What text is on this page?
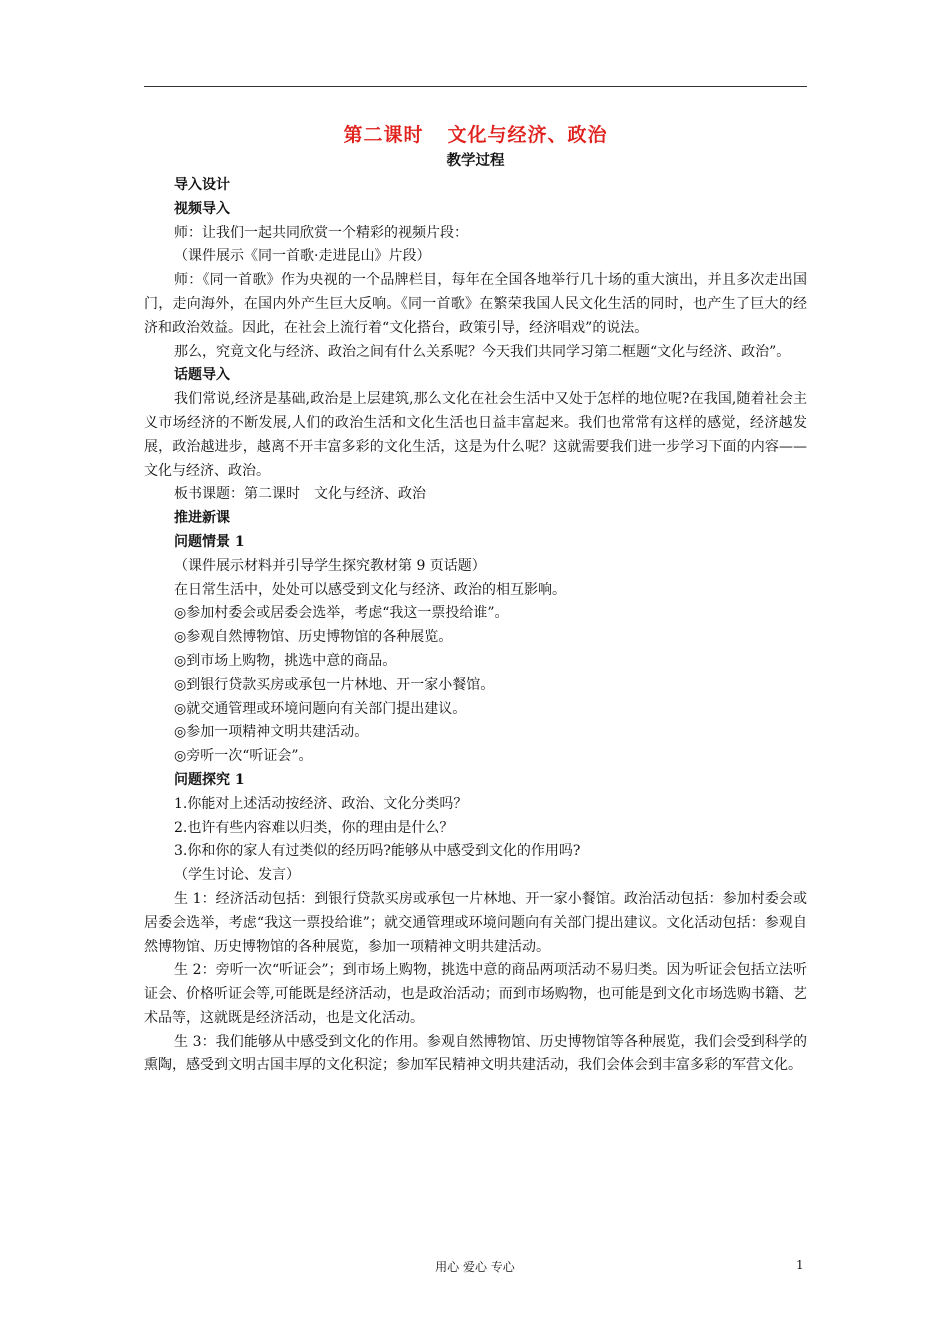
第二课时 文化与经济、政治
教学过程
导入设计
视频导入
师：让我们一起共同欣赏一个精彩的视频片段：
（课件展示《同一首歌·走进昆山》片段）
师：《同一首歌》作为央视的一个品牌栏目，每年在全国各地举行几十场的重大演出，并且多次走出国门，走向海外，在国内外产生巨大反响。《同一首歌》在繁荣我国人民文化生活的同时，也产生了巨大的经济和政治效益。因此，在社会上流行着“文化搭台，政策引导，经济唱戏”的说法。
那么，究竟文化与经济、政治之间有什么关系呢？今天我们共同学习第二框题“文化与经济、政治”。
话题导入
我们常说,经济是基础,政治是上层建筑,那么文化在社会生活中又处于怎样的地位呢?在我国,随着社会主义市场经济的不断发展,人们的政治生活和文化生活也日益丰富起来。我们也常常有这样的感觉，经济越发展，政治越进步，越离不开丰富多彩的文化生活，这是为什么呢？这就需要我们进一步学习下面的内容——文化与经济、政治。
板书课题：第二课时　文化与经济、政治
推进新课
问题情景 1
（课件展示材料并引导学生探究教材第 9 页话题）
在日常生活中，处处可以感受到文化与经济、政治的相互影响。
◎参加村委会或居委会选举，考虑“我这一票投给谁”。
◎参观自然博物馆、历史博物馆的各种展览。
◎到市场上购物，挑选中意的商品。
◎到银行贷款买房或承包一片林地、开一家小餐馆。
◎就交通管理或环境问题向有关部门提出建议。
◎参加一项精神文明共建活动。
◎旁听一次“听证会”。
问题探究 1
1.你能对上述活动按经济、政治、文化分类吗？
2.也许有些内容难以归类，你的理由是什么？
3.你和你的家人有过类似的经历吗?能够从中感受到文化的作用吗?
（学生讨论、发言）
生 1：经济活动包括：到银行贷款买房或承包一片林地、开一家小餐馆。政治活动包括：参加村委会或居委会选举，考虑“我这一票投给谁”；就交通管理或环境问题向有关部门提出建议。文化活动包括：参观自然博物馆、历史博物馆的各种展览，参加一项精神文明共建活动。
生 2：旁听一次“听证会”；到市场上购物，挑选中意的商品两项活动不易归类。因为听证会包括立法听证会、价格听证会等,可能既是经济活动，也是政治活动；而到市场购物，也可能是到文化市场选购书籍、艺术品等，这就既是经济活动，也是文化活动。
生 3：我们能够从中感受到文化的作用。参观自然博物馆、历史博物馆等各种展览，我们会受到科学的熏陶，感受到文明古国丰厚的文化积淀；参加军民精神文明共建活动，我们会体会到丰富多彩的军营文化。
用心 爱心 专心	1
